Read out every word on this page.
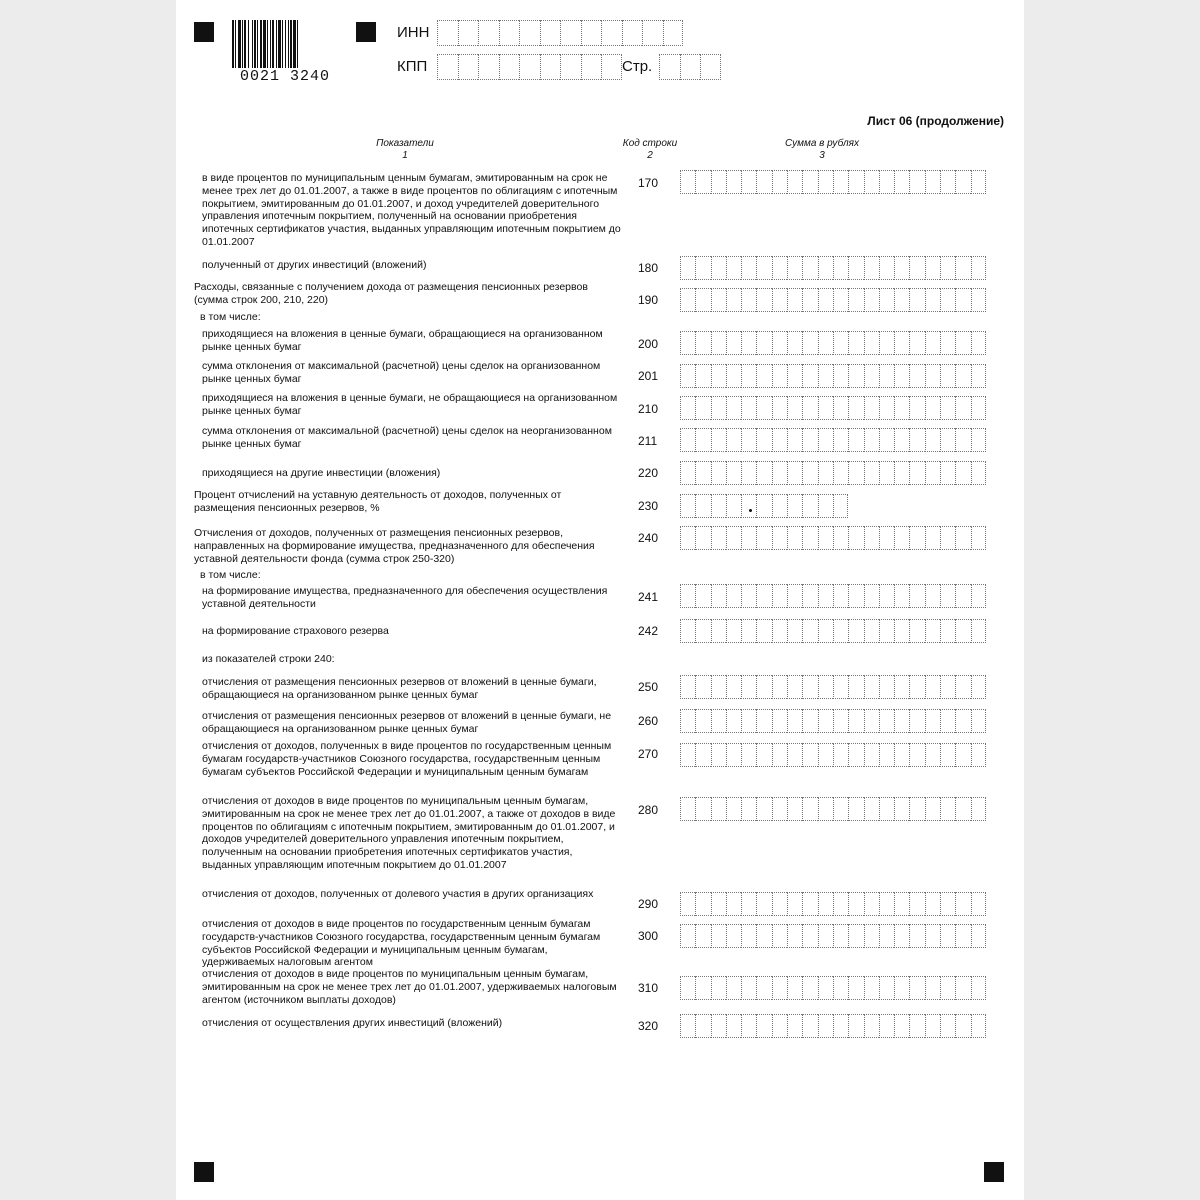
0021 3240
ИНН
КПП	Стр.
Лист 06 (продолжение)
Показатели
1
Код строки
2
Сумма в рублях
3
в виде процентов по муниципальным ценным бумагам, эмитированным на срок не менее трех лет до 01.01.2007, а также в виде процентов по облигациям с ипотечным покрытием, эмитированным до 01.01.2007, и доход учредителей доверительного управления ипотечным покрытием, полученный на основании приобретения ипотечных сертификатов участия, выданных управляющим ипотечным покрытием до 01.01.2007
170
полученный от других инвестиций (вложений)	180
Расходы, связанные с получением дохода от размещения пенсионных резервов (сумма строк 200, 210, 220)	190
в том числе:
приходящиеся на вложения в ценные бумаги, обращающиеся на организованном рынке ценных бумаг	200
сумма отклонения от максимальной (расчетной) цены сделок на организованном рынке ценных бумаг	201
приходящиеся на вложения в ценные бумаги, не обращающиеся на организованном рынке ценных бумаг	210
сумма отклонения от максимальной (расчетной) цены сделок на неорганизованном рынке ценных бумаг	211
приходящиеся на другие инвестиции (вложения)	220
Процент отчислений на уставную деятельность от доходов, полученных от размещения пенсионных резервов, %	230
Отчисления от доходов, полученных от размещения пенсионных резервов, направленных на формирование имущества, предназначенного для обеспечения уставной деятельности фонда (сумма строк 250-320)
240
в том числе:
на формирование имущества, предназначенного для обеспечения осуществления уставной деятельности	241
на формирование страхового резерва	242
из показателей строки 240:
отчисления от размещения пенсионных резервов от вложений в ценные бумаги, обращающиеся на организованном рынке ценных бумаг
250
отчисления от размещения пенсионных резервов от вложений в ценные бумаги, не обращающиеся на организованном рынке ценных бумаг
260
отчисления от доходов, полученных в виде процентов по государственным ценным бумагам государств-участников Союзного государства, государственным ценным бумагам субъектов Российской Федерации и муниципальным ценным бумагам
270
отчисления от доходов в виде процентов по муниципальным ценным бумагам, эмитированным на срок не менее трех лет до 01.01.2007, а также от доходов в виде процентов по облигациям с ипотечным покрытием, эмитированным до 01.01.2007, и доходов учредителей доверительного управления ипотечным покрытием, полученным на основании приобретения ипотечных сертификатов участия, выданных управляющим ипотечным покрытием до 01.01.2007
280
отчисления от доходов, полученных от долевого участия в других организациях
290
отчисления от доходов в виде процентов по государственным ценным бумагам государств-участников Союзного государства, государственным ценным бумагам субъектов Российской Федерации и муниципальным ценным бумагам, удерживаемых налоговым агентом
300
отчисления от доходов в виде процентов по муниципальным ценным бумагам, эмитированным на срок не менее трех лет до 01.01.2007, удерживаемых налоговым агентом (источником выплаты доходов)
310
отчисления от осуществления других инвестиций (вложений)	320
